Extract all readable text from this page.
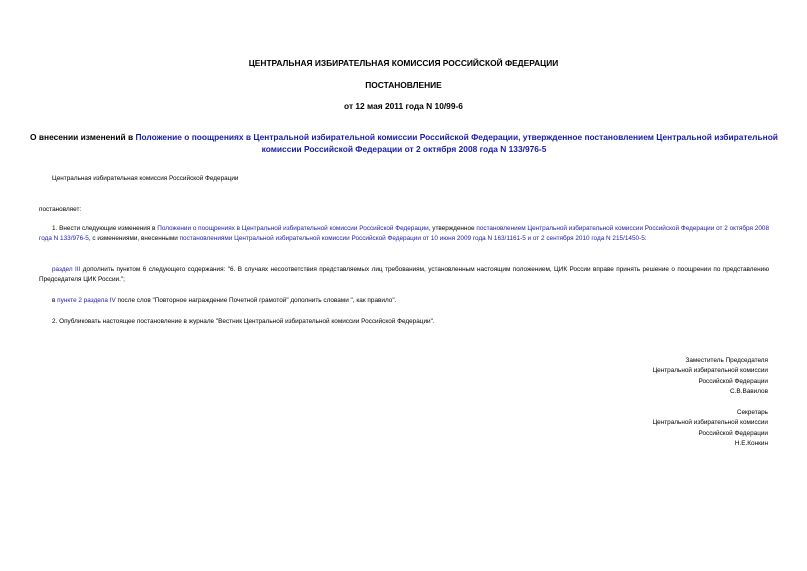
ЦЕНТРАЛЬНАЯ ИЗБИРАТЕЛЬНАЯ КОМИССИЯ РОССИЙСКОЙ ФЕДЕРАЦИИ

ПОСТАНОВЛЕНИЕ

от 12 мая 2011 года N 10/99-6

О внесении изменений в Положение о поощрениях в Центральной избирательной комиссии Российской Федерации, утвержденное постановлением Центральной избирательной комиссии Российской Федерации от 2 октября 2008 года N 133/976-5

Центральная избирательная комиссия Российской Федерации

постановляет:

1. Внести следующие изменения в Положении о поощрениях в Центральной избирательной комиссии Российской Федерации, утвержденное постановлением Центральной избирательной комиссии Российской Федерации от 2 октября 2008 года N 133/976-5, с изменениями, внесенными постановлениями Центральной избирательной комиссии Российской Федерации от 10 июня 2009 года N 163/1161-5 и от 2 сентября 2010 года N 215/1450-5:

раздел III дополнить пунктом 6 следующего содержания: "6. В случаях несоответствия представляемых лиц требованиям, установленным настоящим положением, ЦИК России вправе принять решение о поощрении по представлению Председателя ЦИК России.";

в пункте 2 раздела IV после слов "Повторное награждение Почетной грамотой" дополнить словами ", как правило".

2. Опубликовать настоящее постановление в журнале "Вестник Центральной избирательной комиссии Российской Федерации".

Заместитель Председателя
Центральной избирательной комиссии
Российской Федерации
С.В.Вавилов
Секретарь
Центральной избирательной комиссии
Российской Федерации
Н.Е.Конкин
